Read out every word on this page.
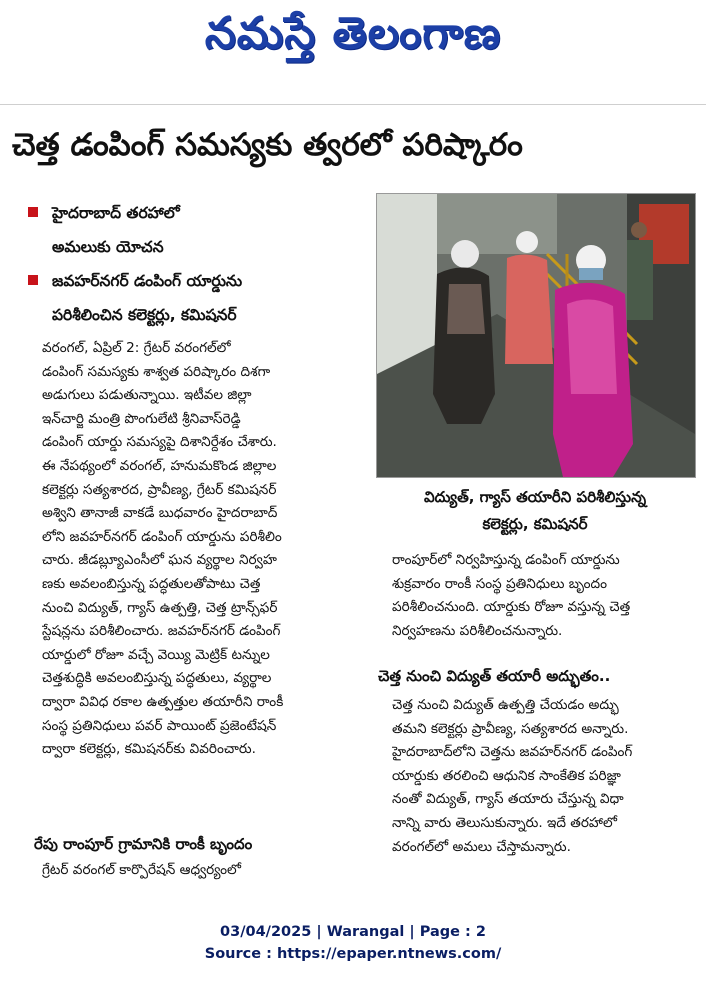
నమస్తే తెలంగాణ
చెత్త డంపింగ్ సమస్యకు త్వరలో పరిష్కారం
హైదరాబాద్ తరహాలో
అమలుకు యోచన
జవహర్‌నగర్ డంపింగ్ యార్డును
పరిశీలించిన కలెక్టర్లు, కమిషనర్
విద్యుత్, గ్యాస్ తయారీని పరిశీలిస్తున్న
కలెక్టర్లు, కమిషనర్
వరంగల్, ఏప్రిల్ 2: గ్రేటర్ వరంగల్‌లో
డంపింగ్ సమస్యకు శాశ్వత పరిష్కారం దిశగా
అడుగులు పడుతున్నాయి. ఇటీవల జిల్లా
ఇన్‌చార్జి మంత్రి పొంగులేటి శ్రీనివాస్‌రెడ్డి
డంపింగ్ యార్డు సమస్యపై దిశానిర్దేశం చేశారు.
ఈ నేపథ్యంలో వరంగల్, హనుమకొండ జిల్లాల
కలెక్టర్లు సత్యశారద, ప్రావీణ్య, గ్రేటర్ కమిషనర్
అశ్విని తానాజీ వాకడే బుధవారం హైదరాబాద్
లోని జవహర్‌నగర్ డంపింగ్ యార్డును పరిశీలిం
చారు. జీడబ్ల్యూఎంసీలో ఘన వ్యర్థాల నిర్వహ
ణకు అవలంబిస్తున్న పద్ధతులతోపాటు చెత్త
నుంచి విద్యుత్, గ్యాస్ ఉత్పత్తి, చెత్త ట్రాన్స్‌ఫర్
స్టేషన్లను పరిశీలించారు. జవహర్‌నగర్ డంపింగ్
యార్డులో రోజూ వచ్చే వెయ్యి మెట్రిక్ టన్నుల
చెత్తశుద్ధికి అవలంబిస్తున్న పద్ధతులు, వ్యర్థాల
ద్వారా వివిధ రకాల ఉత్పత్తుల తయారీని రాంకీ
సంస్థ ప్రతినిధులు పవర్ పాయింట్ ప్రజెంటేషన్
ద్వారా కలెక్టర్లు, కమిషనర్‌కు వివరించారు.
రేపు రాంపూర్ గ్రామానికి రాంకీ బృందం
గ్రేటర్ వరంగల్ కార్పొరేషన్ ఆధ్వర్యంలో
రాంపూర్‌లో నిర్వహిస్తున్న డంపింగ్ యార్డును
శుక్రవారం రాంకీ సంస్థ ప్రతినిధులు బృందం
పరిశీలించనుంది. యార్డుకు రోజూ వస్తున్న చెత్త
నిర్వహణను పరిశీలించనున్నారు.
చెత్త నుంచి విద్యుత్ తయారీ అద్భుతం..
చెత్త నుంచి విద్యుత్ ఉత్పత్తి చేయడం అద్భు
తమని కలెక్టర్లు ప్రావీణ్య, సత్యశారద అన్నారు.
హైదరాబాద్‌లోని చెత్తను జవహర్‌నగర్ డంపింగ్
యార్డుకు తరలించి ఆధునిక సాంకేతిక పరిజ్ఞా
నంతో విద్యుత్, గ్యాస్ తయారు చేస్తున్న విధా
నాన్ని వారు తెలుసుకున్నారు. ఇదే తరహాలో
వరంగల్‌లో అమలు చేస్తామన్నారు.
03/04/2025 | Warangal | Page : 2
Source : https://epaper.ntnews.com/
